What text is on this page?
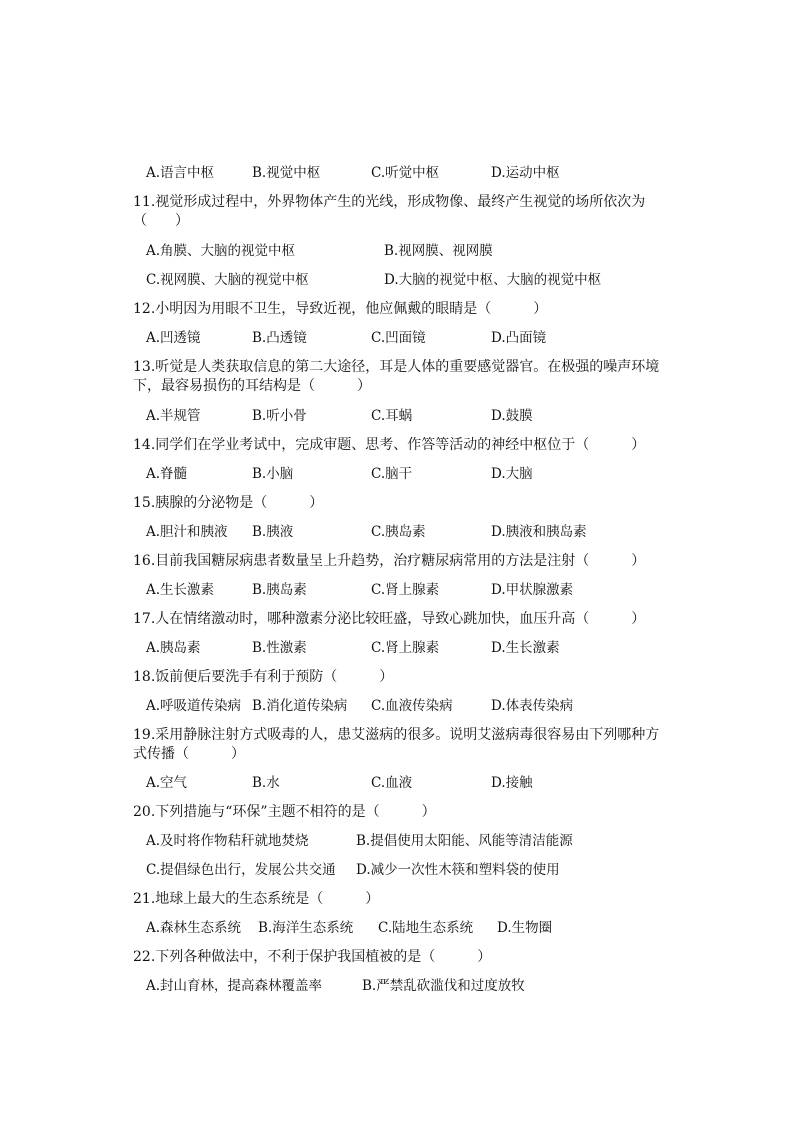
A.语言中枢	B.视觉中枢	C.听觉中枢	D.运动中枢
11.视觉形成过程中，外界物体产生的光线，形成物像、最终产生视觉的场所依次为
（　　）
A.角膜、大脑的视觉中枢	B.视网膜、视网膜
C.视网膜、大脑的视觉中枢	D.大脑的视觉中枢、大脑的视觉中枢
12.小明因为用眼不卫生，导致近视，他应佩戴的眼睛是（　　　）
A.凹透镜	B.凸透镜	C.凹面镜	D.凸面镜
13.听觉是人类获取信息的第二大途径，耳是人体的重要感觉器官。在极强的噪声环境
下，最容易损伤的耳结构是（　　　）
A.半规管	B.听小骨	C.耳蜗	D.鼓膜
14.同学们在学业考试中，完成审题、思考、作答等活动的神经中枢位于（　　　）
A.脊髓	B.小脑	C.脑干	D.大脑
15.胰腺的分泌物是（　　　）
A.胆汁和胰液 B.胰液	C.胰岛素	D.胰液和胰岛素
16.目前我国糖尿病患者数量呈上升趋势，治疗糖尿病常用的方法是注射（　　　）
A.生长激素	B.胰岛素	C.肾上腺素	D.甲状腺激素
17.人在情绪激动时，哪种激素分泌比较旺盛，导致心跳加快，血压升高（　　　）
A.胰岛素	B.性激素	C.肾上腺素	D.生长激素
18.饭前便后要洗手有利于预防（　　　）
A.呼吸道传染病 B.消化道传染病 C.血液传染病	D.体表传染病
19.采用静脉注射方式吸毒的人，患艾滋病的很多。说明艾滋病毒很容易由下列哪种方
式传播（　　　）
A.空气	B.水	C.血液	D.接触
20.下列措施与“环保”主题不相符的是（　　　）
A.及时将作物秸秆就地焚烧	B.提倡使用太阳能、风能等清洁能源
C.提倡绿色出行，发展公共交通 D.减少一次性木筷和塑料袋的使用
21.地球上最大的生态系统是（　　　）
A.森林生态系统 B.海洋生态系统 C.陆地生态系统 D.生物圈
22.下列各种做法中，不利于保护我国植被的是（　　　）
A.封山育林，提高森林覆盖率	B.严禁乱砍滥伐和过度放牧
